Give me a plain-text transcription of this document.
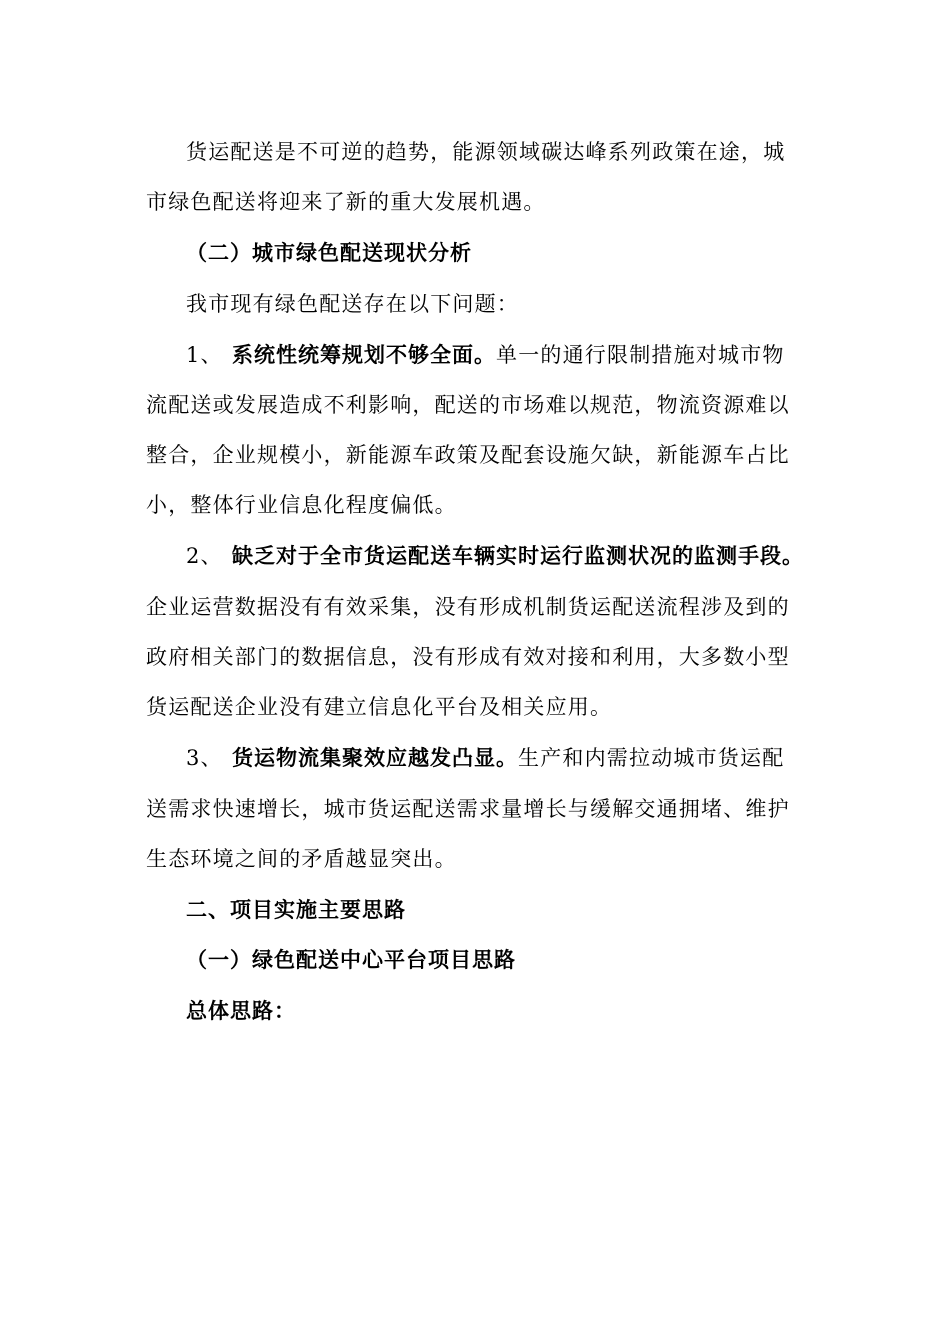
货运配送是不可逆的趋势，能源领域碳达峰系列政策在途，城
市绿色配送将迎来了新的重大发展机遇。
（二）城市绿色配送现状分析
我市现有绿色配送存在以下问题：
1、 系统性统筹规划不够全面。单一的通行限制措施对城市物
流配送或发展造成不利影响，配送的市场难以规范，物流资源难以
整合，企业规模小，新能源车政策及配套设施欠缺，新能源车占比
小，整体行业信息化程度偏低。
2、 缺乏对于全市货运配送车辆实时运行监测状况的监测手段。
企业运营数据没有有效采集，没有形成机制货运配送流程涉及到的
政府相关部门的数据信息，没有形成有效对接和利用，大多数小型
货运配送企业没有建立信息化平台及相关应用。
3、 货运物流集聚效应越发凸显。生产和内需拉动城市货运配
送需求快速增长，城市货运配送需求量增长与缓解交通拥堵、维护
生态环境之间的矛盾越显突出。
二、项目实施主要思路
（一）绿色配送中心平台项目思路
总体思路：
